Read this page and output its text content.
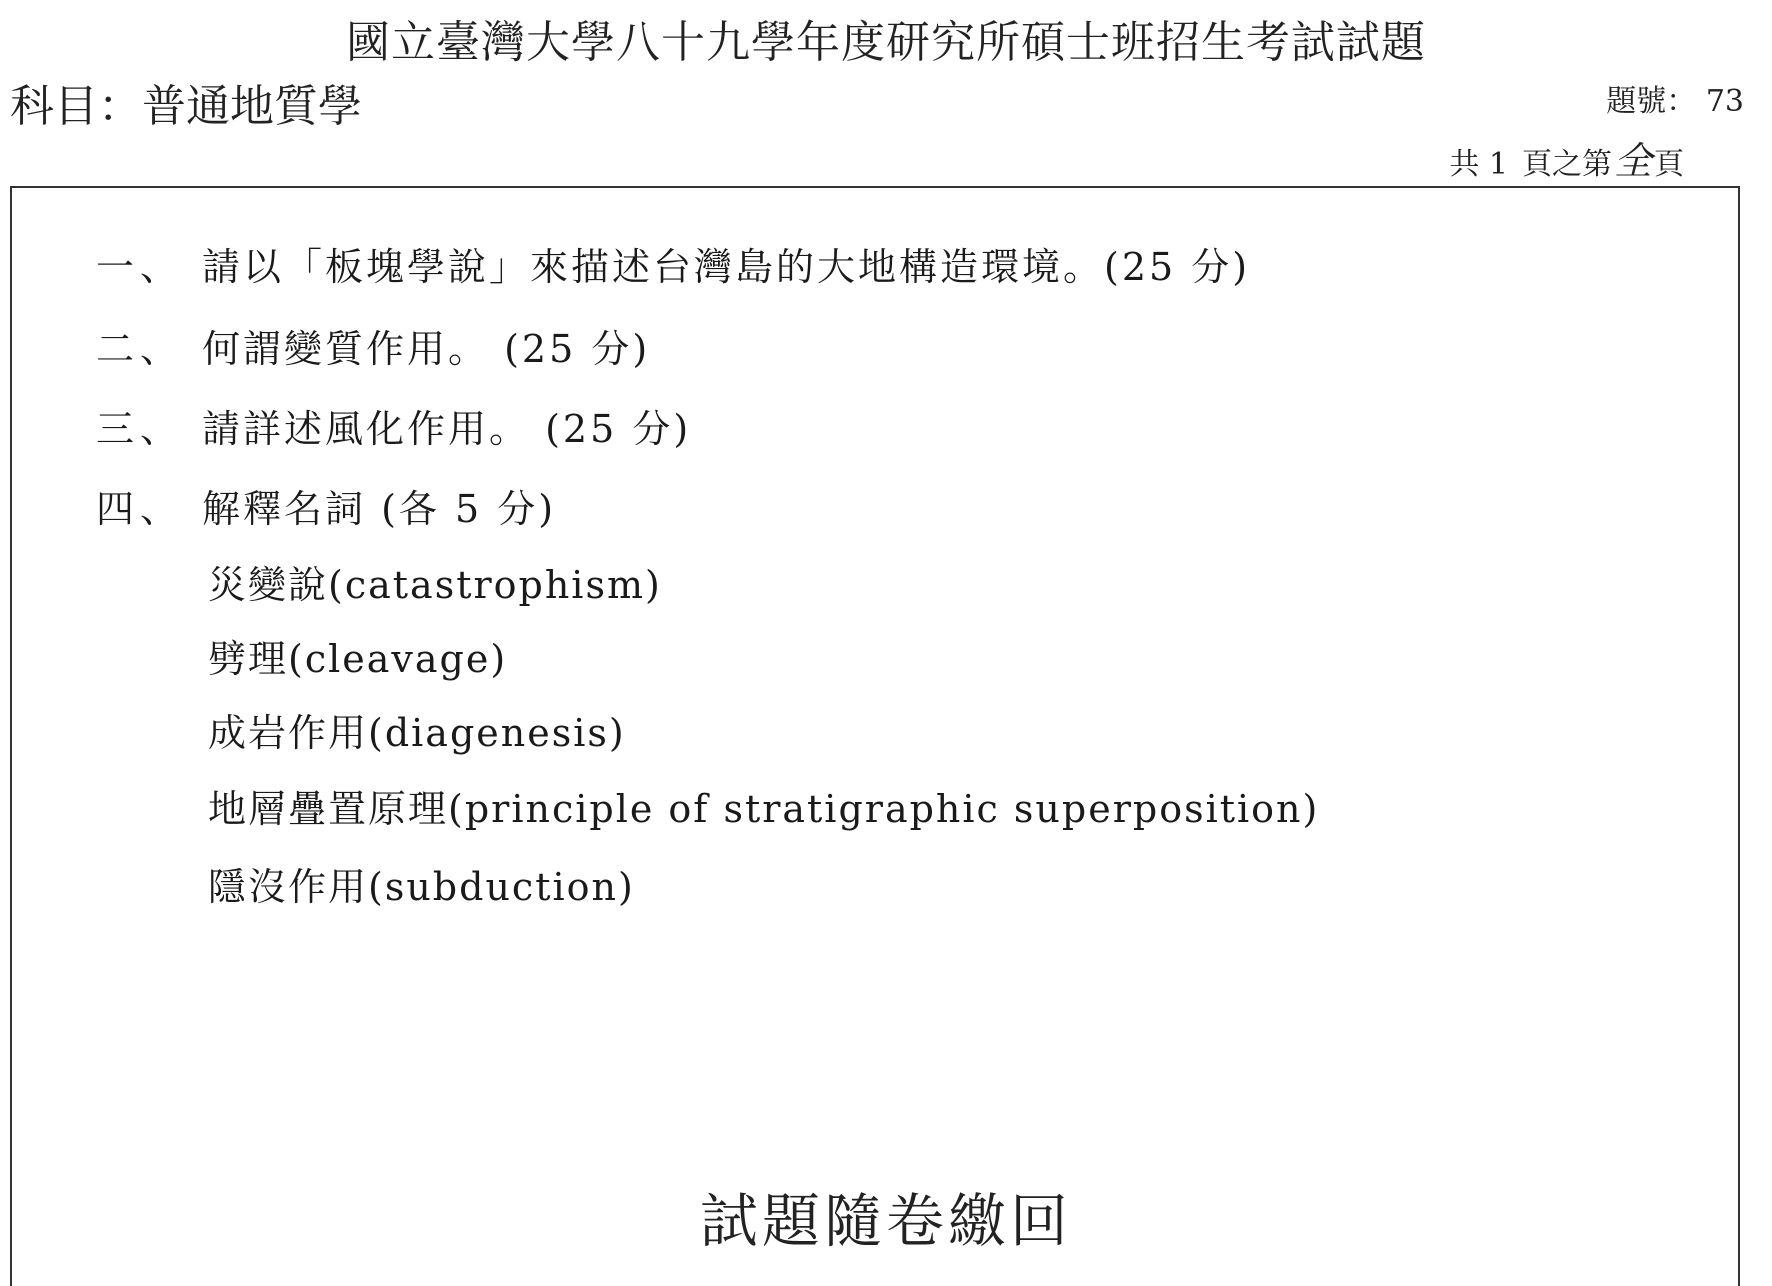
國立臺灣大學八十九學年度研究所碩士班招生考試試題
科目：普通地質學	題號： 73
共 1 頁之第 全 頁
一、 請以「板塊學說」來描述台灣島的大地構造環境。(25 分)
二、 何謂變質作用。 (25 分)
三、 請詳述風化作用。 (25 分)
四、 解釋名詞 (各 5 分)
災變說(catastrophism)
劈理(cleavage)
成岩作用(diagenesis)
地層疊置原理(principle of stratigraphic superposition)
隱沒作用(subduction)
試題隨卷繳回
